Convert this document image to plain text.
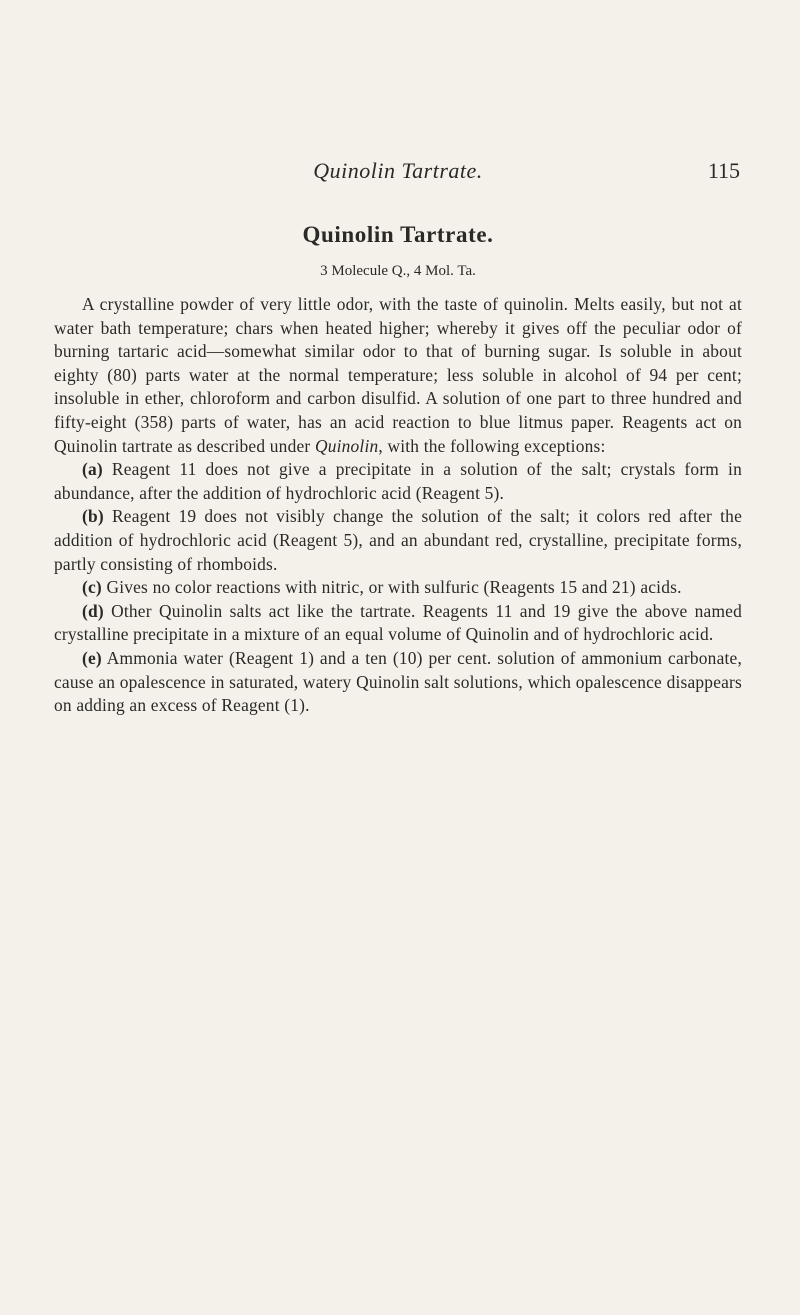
Quinolin Tartrate.	115
Quinolin Tartrate.
3 Molecule Q., 4 Mol. Ta.

A crystalline powder of very little odor, with the taste of quinolin. Melts easily, but not at water bath temperature; chars when heated higher; whereby it gives off the peculiar odor of burning tartaric acid—somewhat similar odor to that of burning sugar. Is soluble in about eighty (80) parts water at the normal temperature; less soluble in alcohol of 94 per cent; insoluble in ether, chloroform and carbon disulfid. A solution of one part to three hundred and fifty-eight (358) parts of water, has an acid reaction to blue litmus paper. Reagents act on Quinolin tartrate as described under Quinolin, with the following exceptions:

(a) Reagent 11 does not give a precipitate in a solution of the salt; crystals form in abundance, after the addition of hydrochloric acid (Reagent 5).

(b) Reagent 19 does not visibly change the solution of the salt; it colors red after the addition of hydrochloric acid (Reagent 5), and an abundant red, crystalline, precipitate forms, partly consisting of rhomboids.

(c) Gives no color reactions with nitric, or with sulfuric (Reagents 15 and 21) acids.

(d) Other Quinolin salts act like the tartrate. Reagents 11 and 19 give the above named crystalline precipitate in a mixture of an equal volume of Quinolin and of hydrochloric acid.

(e) Ammonia water (Reagent 1) and a ten (10) per cent. solution of ammonium carbonate, cause an opalescence in saturated, watery Quinolin salt solutions, which opalescence disappears on adding an excess of Reagent (1).
